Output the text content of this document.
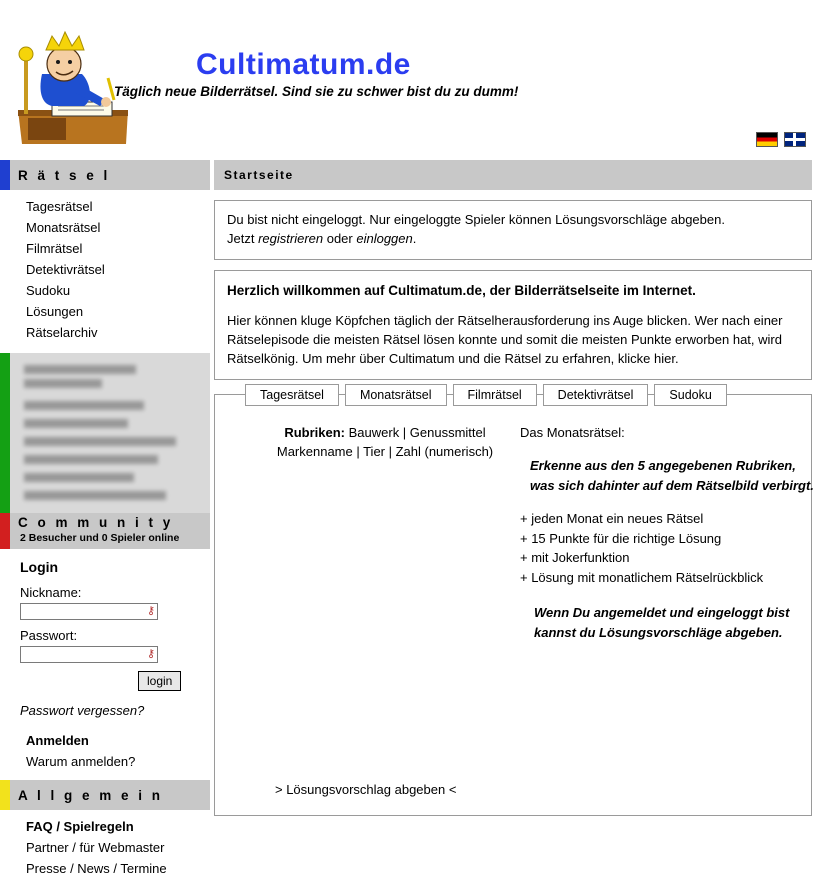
Cultimatum.de
Täglich neue Bilderrätsel. Sind sie zu schwer bist du zu dumm!
R ä t s e l
Tagesrätsel
Monatsrätsel
Filmrätsel
Detektivrätsel
Sudoku
Lösungen
Rätselarchiv
C o m m u n i t y
2 Besucher und 0 Spieler online
Login
Nickname:
⚷
Passwort:
⚷
login
Passwort vergessen?
Anmelden
Warum anmelden?
A l l g e m e i n
FAQ / Spielregeln
Partner / für Webmaster
Presse / News / Termine
Startseite
Du bist nicht eingeloggt. Nur eingeloggte Spieler können Lösungsvorschläge abgeben.
Jetzt registrieren oder einloggen.
Herzlich willkommen auf Cultimatum.de, der Bilderrätselseite im Internet.
Hier können kluge Köpfchen täglich der Rätselherausforderung ins Auge blicken. Wer nach einer Rätselepisode die meisten Rätsel lösen konnte und somit die meisten Punkte erworben hat, wird Rätselkönig. Um mehr über Cultimatum und die Rätsel zu erfahren, klicke hier.
Tagesrätsel	Monatsrätsel	Filmrätsel	Detektivrätsel	Sudoku
Rubriken: Bauwerk | Genussmittel
Markenname | Tier | Zahl (numerisch)
Das Monatsrätsel:
Erkenne aus den 5 angegebenen Rubriken,
was sich dahinter auf dem Rätselbild verbirgt.
+ jeden Monat ein neues Rätsel
+ 15 Punkte für die richtige Lösung
+ mit Jokerfunktion
+ Lösung mit monatlichem Rätselrückblick
Wenn Du angemeldet und eingeloggt bist
kannst du Lösungsvorschläge abgeben.
> Lösungsvorschlag abgeben <
